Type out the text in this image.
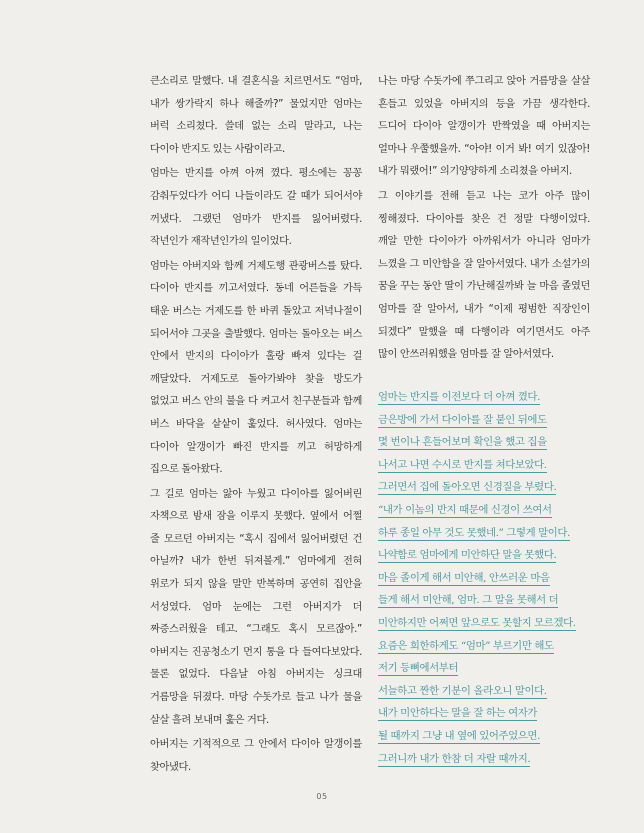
큰소리로 말했다. 내 결혼식을 치르면서도 “엄마, 내가 쌍가락지 하나 해줄까?” 물었지만 엄마는 버럭 소리쳤다. 쓸데 없는 소리 말라고, 나는 다이아 반지도 있는 사람이라고.

엄마는 반지를 아껴 아껴 꼈다. 평소에는 꽁꽁 감춰두었다가 어디 나들이라도 갈 때가 되어서야 꺼냈다. 그랬던 엄마가 반지를 잃어버렸다. 작년인가 재작년인가의 일이었다.

엄마는 아버지와 함께 거제도행 관광버스를 탔다. 다이아 반지를 끼고서였다. 동네 어른들을 가득 태운 버스는 거제도를 한 바퀴 돌았고 저녁나절이 되어서야 그곳을 출발했다. 엄마는 돌아오는 버스 안에서 반지의 다이아가 홀랑 빠져 있다는 걸 깨달았다. 거제도로 돌아가봐야 찾을 방도가 없었고 버스 안의 불을 다 켜고서 친구분들과 함께 버스 바닥을 샅샅이 훑었다. 허사였다. 엄마는 다이아 알갱이가 빠진 반지를 끼고 허망하게 집으로 돌아왔다.

그 길로 엄마는 앓아 누웠고 다이아를 잃어버린 자책으로 밤새 잠을 이루지 못했다. 옆에서 어쩔 줄 모르던 아버지는 “혹시 집에서 잃어버렸던 건 아닐까? 내가 한번 뒤져볼게.” 엄마에게 전혀 위로가 되지 않을 말만 반복하며 공연히 집안을 서성였다. 엄마 눈에는 그런 아버지가 더 짜증스러웠을 테고. “그래도 혹시 모르잖아.” 아버지는 진공청소기 먼지 통을 다 들여다보았다. 물론 없었다. 다음날 아침 아버지는 싱크대 거름망을 뒤졌다. 마당 수돗가로 들고 나가 물을 살살 흘려 보내며 훑은 거다.

아버지는 기적적으로 그 안에서 다이아 알갱이를 찾아냈다.

나는 마당 수돗가에 쭈그리고 앉아 거름망을 살살 흔들고 있었을 아버지의 등을 가끔 생각한다. 드디어 다이아 알갱이가 반짝였을 때 아버지는 얼마나 우쭐했을까. “아야! 이거 봐! 여기 있잖아! 내가 뭐랬어!” 의기양양하게 소리쳤을 아버지.

그 이야기를 전해 듣고 나는 코가 아주 많이 찡해졌다. 다이아를 찾은 건 정말 다행이었다. 깨알 만한 다이아가 아까워서가 아니라 엄마가 느꼈을 그 미안함을 잘 알아서였다. 내가 소설가의 꿈을 꾸는 동안 딸이 가난해질까봐 늘 마음 졸였던 엄마를 잘 알아서, 내가 “이제 평범한 직장인이 되겠다” 말했을 때 다행이라 여기면서도 아주 많이 안쓰러워했을 엄마를 잘 알아서였다.

엄마는 반지를 이전보다 더 아껴 꼈다.
금은방에 가서 다이아를 잘 붙인 뒤에도
몇 번이나 흔들어보며 확인을 했고 집을
나서고 나면 수시로 반지를 쳐다보았다.
그러면서 집에 돌아오면 신경질을 부렸다.
“내가 이놈의 반지 때문에 신경이 쓰여서
하루 종일 아무 것도 못했네.” 그렇게 말이다.
나약함로 엄마에게 미안하단 말을 못했다.
마음 졸이게 해서 미안해, 안쓰러운 마음
들게 해서 미안해, 엄마. 그 말을 못해서 더
미안하지만 어쩌면 앞으로도 못할지 모르겠다.
요즘은 희한하게도 “엄마” 부르기만 해도
저기 등뼈에서부터
서늘하고 짠한 기분이 올라오니 말이다.
내가 미안하다는 말을 잘 하는 여자가
될 때까지 그냥 내 옆에 있어주었으면.
그러니까 내가 한참 더 자랄 때까지.
05
